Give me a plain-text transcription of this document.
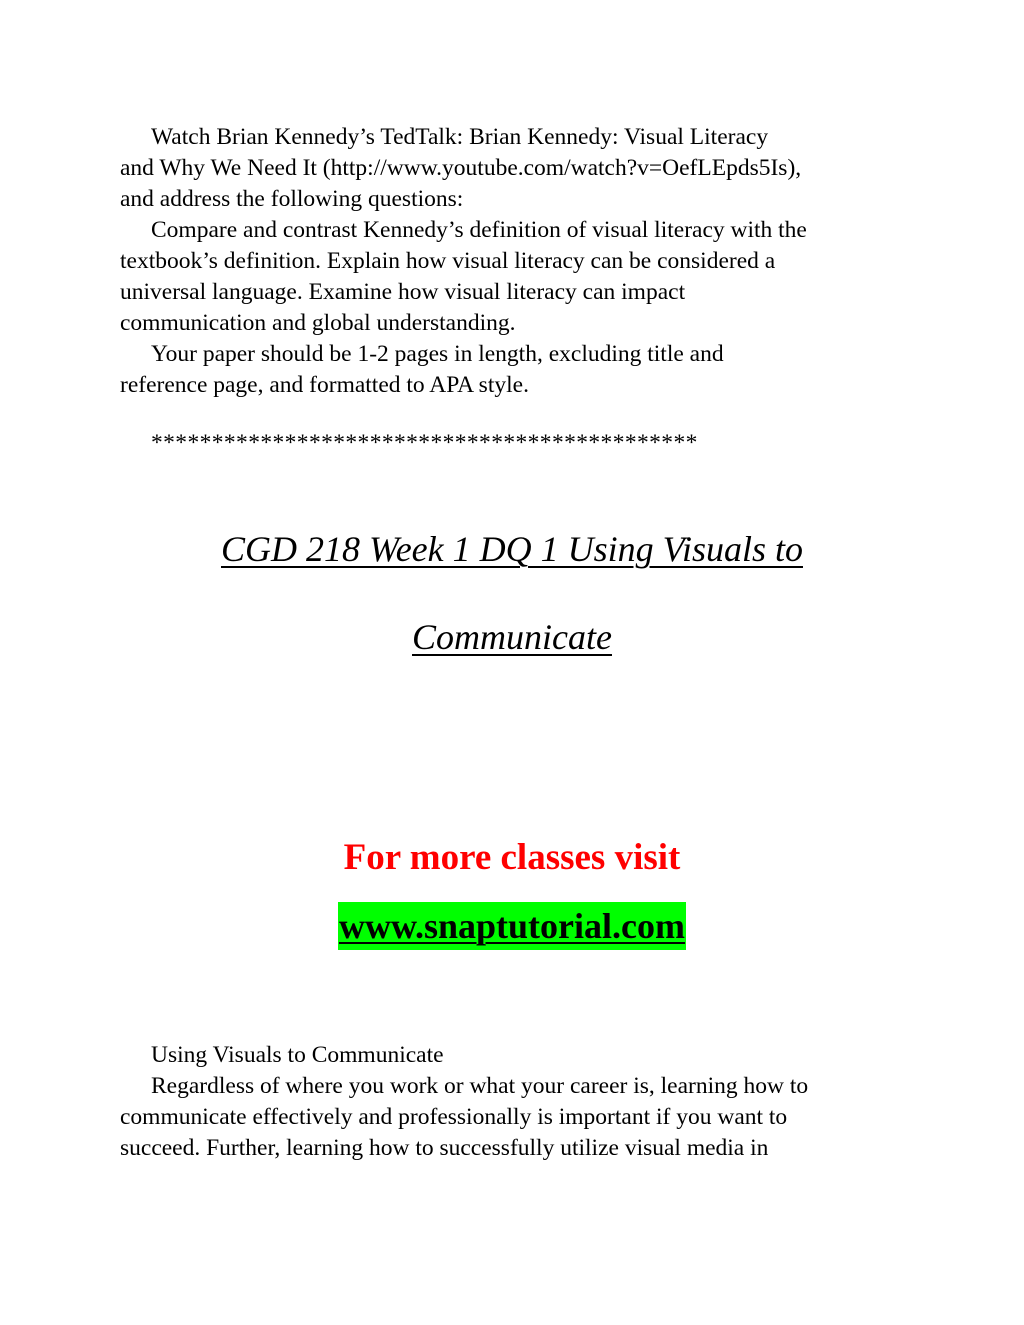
Watch Brian Kennedy’s TedTalk: Brian Kennedy: Visual Literacy
and Why We Need It (http://www.youtube.com/watch?v=OefLEpds5Is),
and address the following questions:
Compare and contrast Kennedy’s definition of visual literacy with the
textbook’s definition. Explain how visual literacy can be considered a
universal language. Examine how visual literacy can impact
communication and global understanding.
Your paper should be 1-2 pages in length, excluding title and
reference page, and formatted to APA style.
*********************************************
CGD 218 Week 1 DQ 1 Using Visuals to
Communicate
For more classes visit
www.snaptutorial.com
Using Visuals to Communicate
Regardless of where you work or what your career is, learning how to
communicate effectively and professionally is important if you want to
succeed. Further, learning how to successfully utilize visual media in
